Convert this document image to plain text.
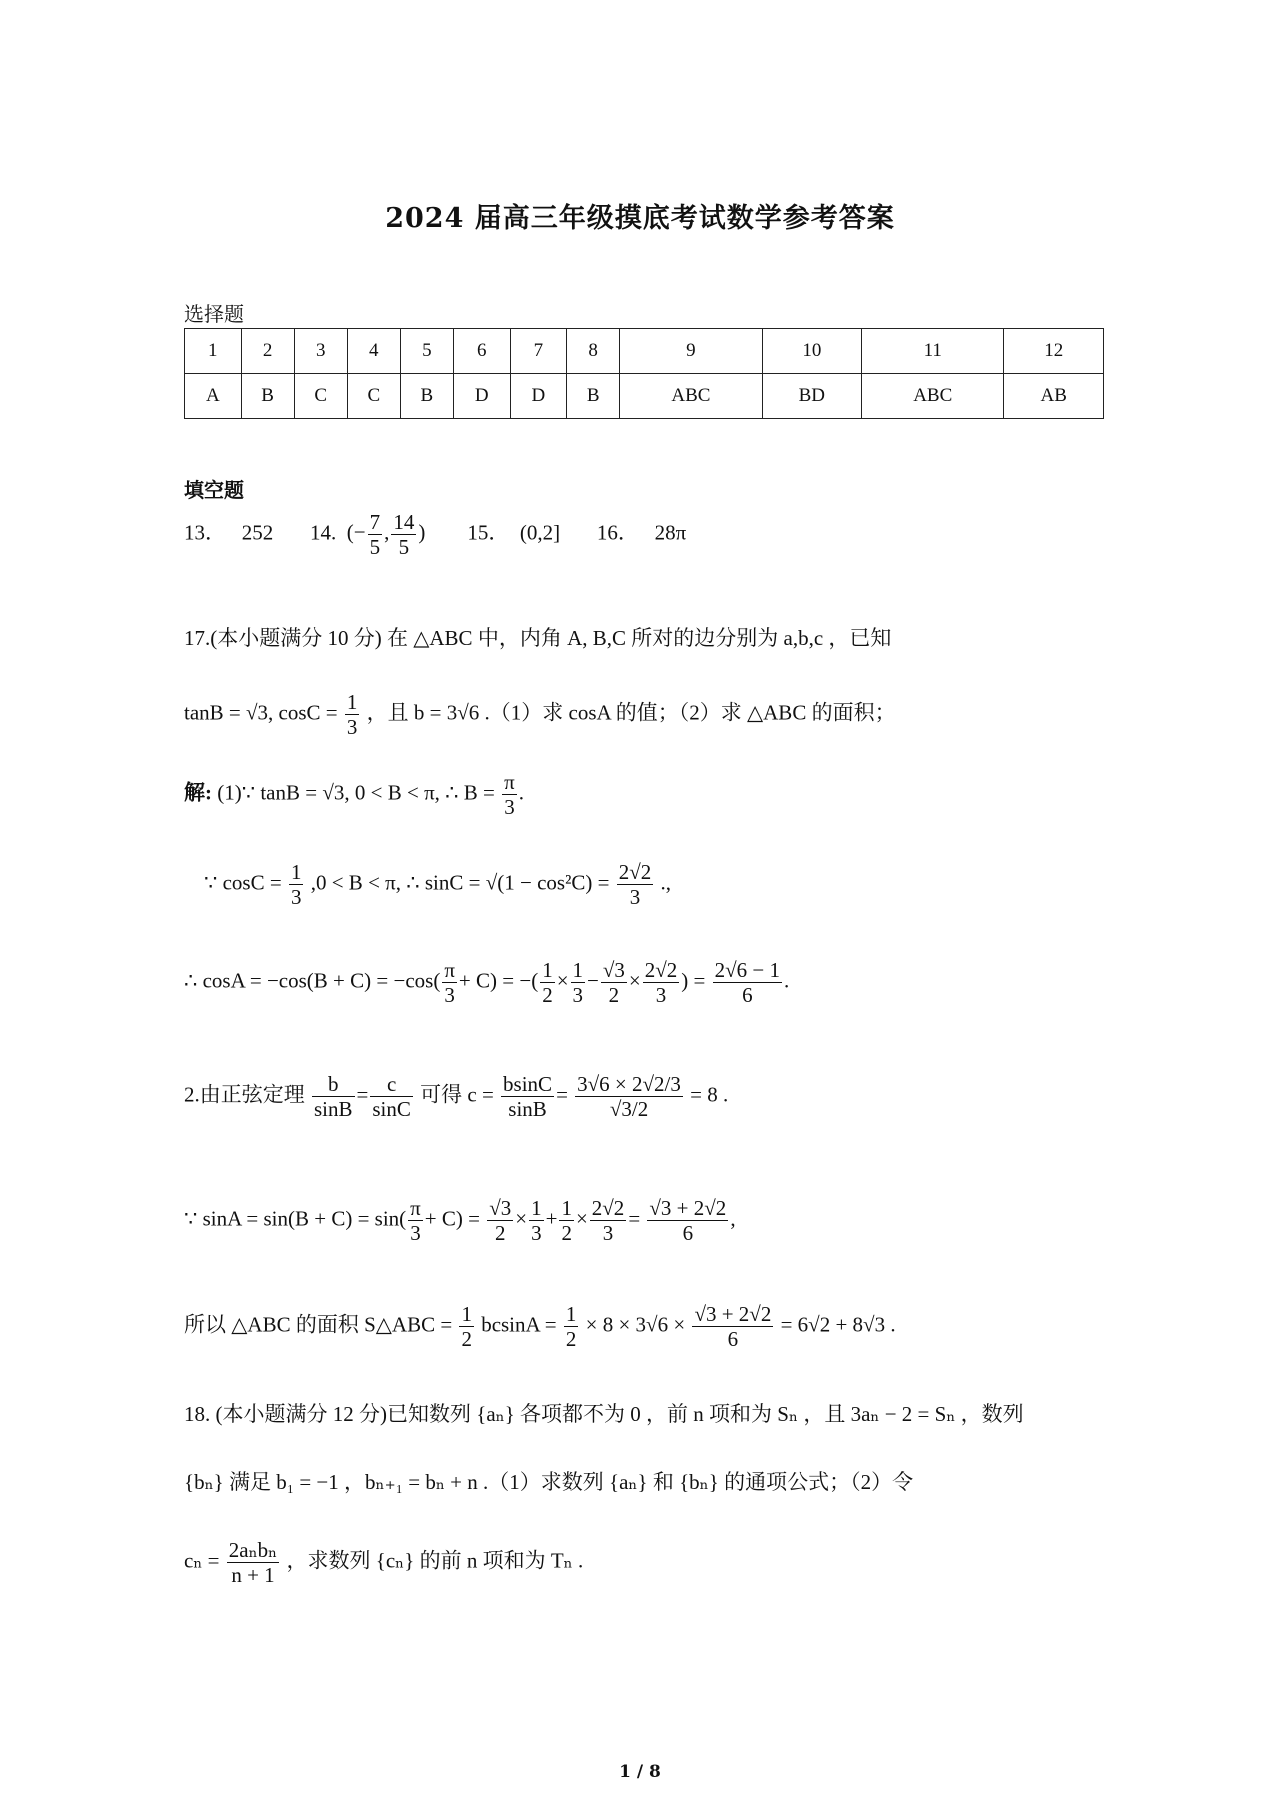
2024 届高三年级摸底考试数学参考答案
选择题
1	2	3	4	5	6	7	8	9	10	11	12
A	B	C	C	B	D	D	B	ABC	BD	ABC	AB
填空题
13． 252 14. (− $\frac{7}{5}$ , $\frac{14}{5}$ ) 15． (0,2] 16． 28π
17.(本小题满分 10 分) 在 △ABC 中，内角 A, B,C 所对的边分别为 a,b,c ，已知
tanB = √3, $\cos C = \frac{1}{3}$ ，且 b = 3√6 .（1）求 cosA 的值；（2）求 △ABC 的面积；
解: (1)∵ tanB = √3, 0 < B < π, ∴ $B = \frac{\pi}{3}$ .
∵ $\cos C = \frac{1}{3} ,0 < B < \pi$, ∴ $\sin C = √(1 - \cos^2C) = \frac{2√2}{3}$ .,
∴ $\cos A = -\cos(B + C) = -\cos( \frac{\pi}{3} + C)$ = −( $\frac{1}{2} \times \frac{1}{3} - \frac{√3}{2} \times \frac{2√2}{3}$ ) = $\frac{2√6 - 1}{6}$ .
2.由正弦定理 $\frac{b}{\sin B} = \frac{c}{\sin C}$ 可得 $c = \frac{bsinC}{\sin B} = \frac{3√6 \times 2√2/3}{√3/2} = 8$ .
∵ $\sin A = \sin(B + C) = \sin( \frac{\pi}{3} + C) = \frac{√3}{2} \times \frac{1}{3} + \frac{1}{2} \times \frac{2√2}{3} = \frac{√3 + 2√2}{6}$ ,
所以 △ABC 的面积 S△ABC = $\frac{1}{2}$ $bcsinA = \frac{1}{2} \times 8 \times 3√6 \times \frac{√3 + 2√2}{6} = 6√2 + 8√3$ .
18. (本小题满分 12 分)已知数列 {aₙ} 各项都不为 0 ，前 n 项和为 Sₙ ，且 3aₙ − 2 = Sₙ ，数列
{bₙ} 满足 b₁ = −1 ，bₙ₊₁ = bₙ + n .（1）求数列 {aₙ} 和 {bₙ} 的通项公式；（2）令
$c_n = \frac{\text{2aₙbₙ}}{n + 1}$ ，求数列 {cₙ} 的前 n 项和为 Tₙ .
1 / 8
